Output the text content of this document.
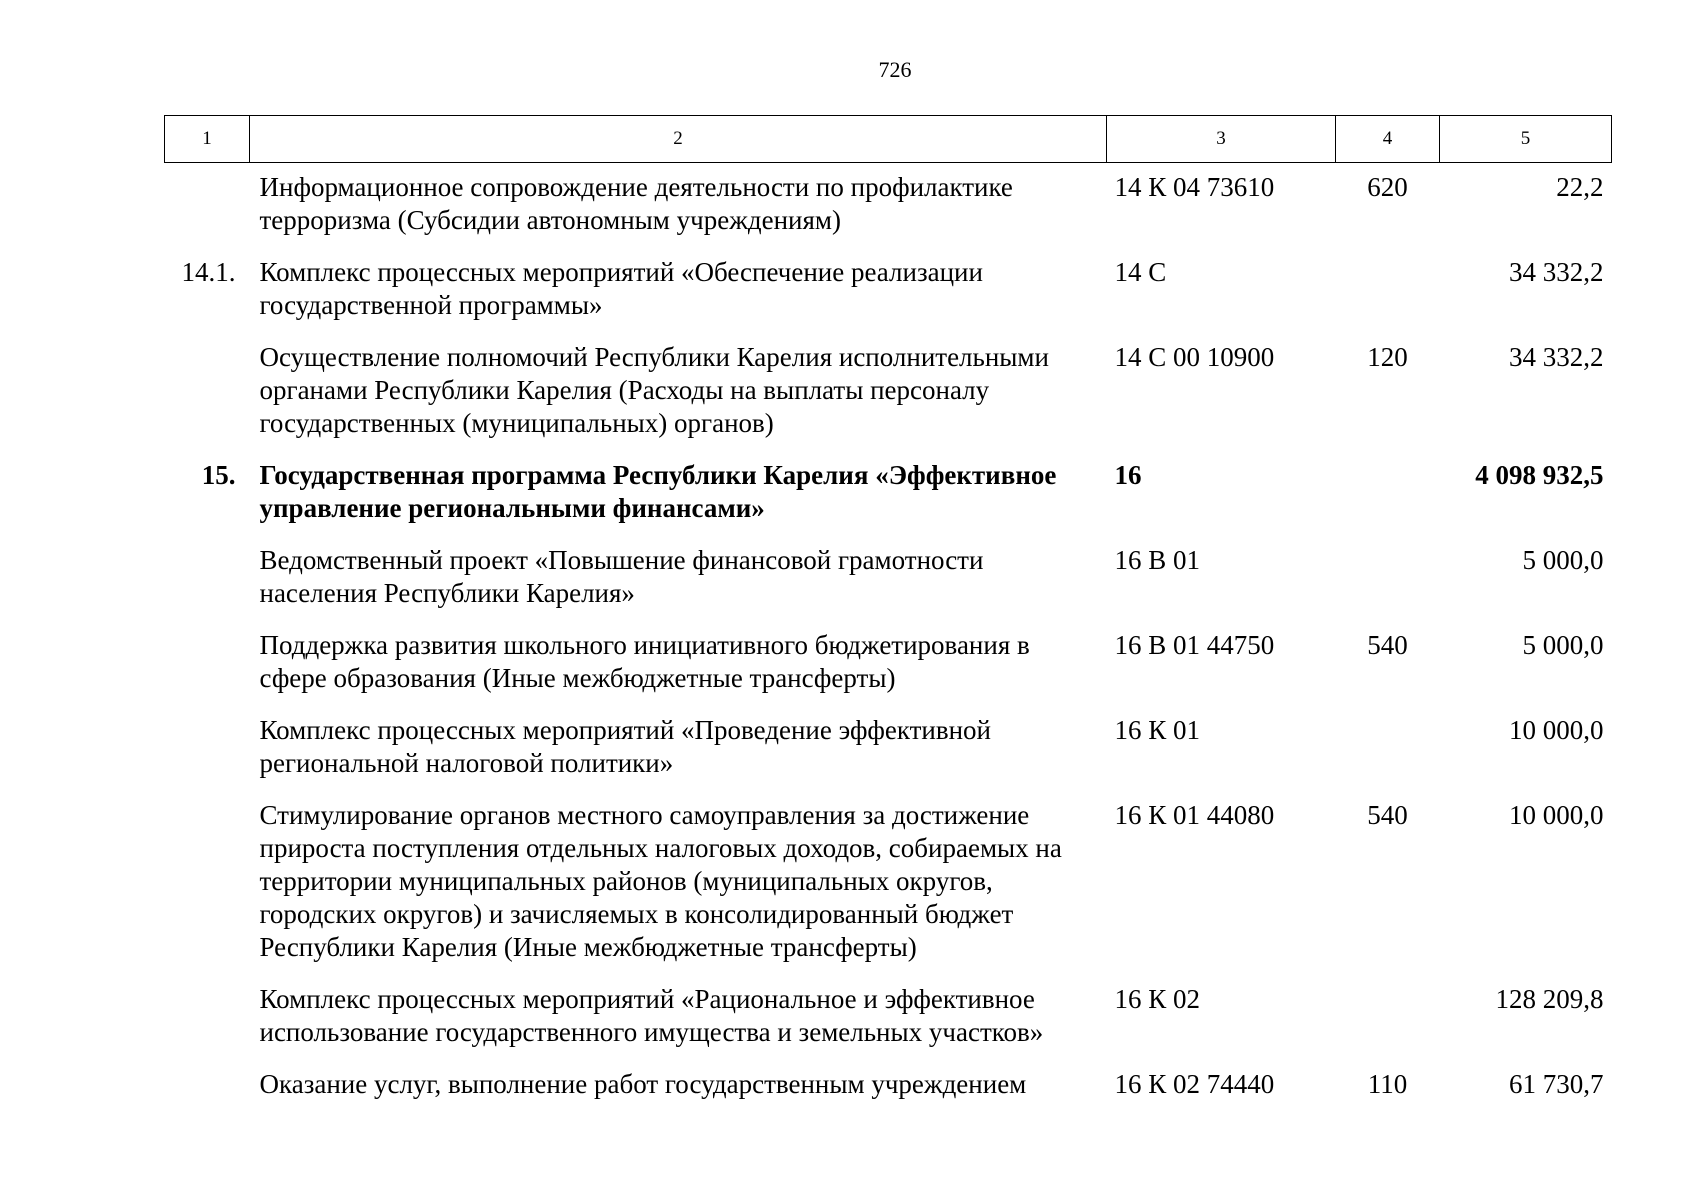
726
1	2	3	4	5
	Информационное сопровождение деятельности по профилактике терроризма (Субсидии автономным учреждениям)	14 К 04 73610	620	22,2
14.1.	Комплекс процессных мероприятий «Обеспечение реализации государственной программы»	14 С		34 332,2
	Осуществление полномочий Республики Карелия исполнительными органами Республики Карелия (Расходы на выплаты персоналу государственных (муниципальных) органов)	14 С 00 10900	120	34 332,2
15.	Государственная программа Республики Карелия «Эффективное управление региональными финансами»	16		4 098 932,5
	Ведомственный проект «Повышение финансовой грамотности населения Республики Карелия»	16 В 01		5 000,0
	Поддержка развития школьного инициативного бюджетирования в сфере образования (Иные межбюджетные трансферты)	16 В 01 44750	540	5 000,0
	Комплекс процессных мероприятий «Проведение эффективной региональной налоговой политики»	16 К 01		10 000,0
	Стимулирование органов местного самоуправления за достижение прироста поступления отдельных налоговых доходов, собираемых на территории муниципальных районов (муниципальных округов, городских округов) и зачисляемых в консолидированный бюджет Республики Карелия (Иные межбюджетные трансферты)	16 К 01 44080	540	10 000,0
	Комплекс процессных мероприятий «Рациональное и эффективное использование государственного имущества и земельных участков»	16 К 02		128 209,8
	Оказание услуг, выполнение работ государственным учреждением	16 К 02 74440	110	61 730,7
